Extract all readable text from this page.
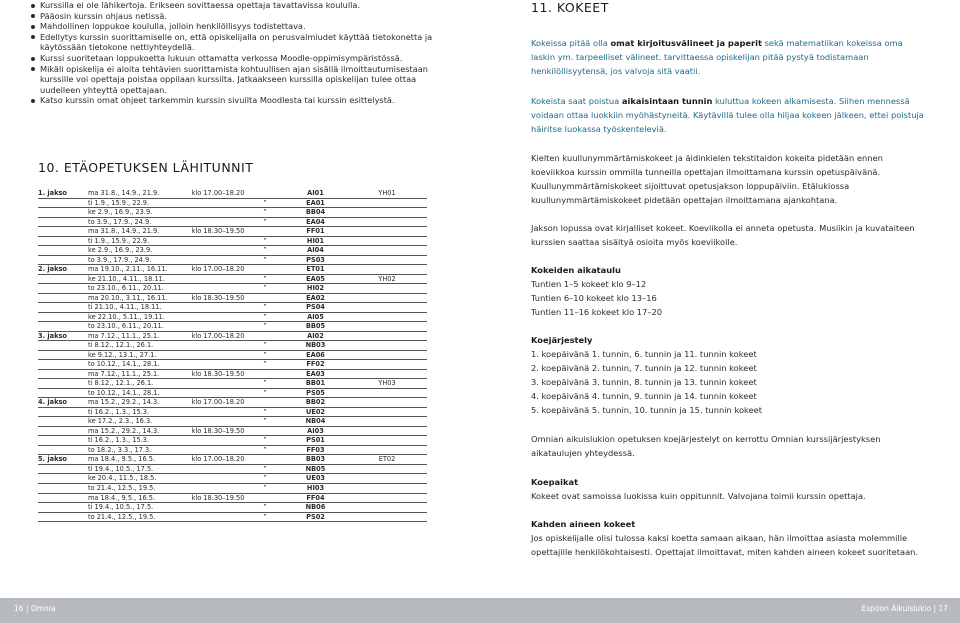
Kurssilla ei ole lähikertoja. Erikseen sovittaessa opettaja tavattavissa koululla.
Pääosin kurssin ohjaus netissä.
Mahdollinen loppukoe koululla, jolloin henkilöllisyys todistettava.
Edellytys kurssin suorittamiselle on, että opiskelijalla on perusvalmiudet käyttää tietokonetta ja käytössään tietokone nettiyhteydellä.
Kurssi suoritetaan loppukoetta lukuun ottamatta verkossa Moodle-oppimisympäristössä.
Mikäli opiskelija ei aloita tehtävien suorittamista kohtuullisen ajan sisällä ilmoittautumisestaan kurssille voi opettaja poistaa oppilaan kurssilta. Jatkaakseen kurssilla opiskelijan tulee ottaa uudelleen yhteyttä opettajaan.
Katso kurssin omat ohjeet tarkemmin kurssin sivuilta Moodlesta tai kurssin esittelystä.
10. ETÄOPETUKSEN LÄHITUNNIT
1. jakso	ma 31.8., 14.9., 21.9.	klo 17.00–18.20		AI01	YH01
	ti 1.9., 15.9., 22.9.		”	EA01	
	ke 2.9., 16.9., 23.9.		”	BB04	
	to 3.9., 17.9., 24.9.		”	EA04	
	ma 31.8., 14.9., 21.9.	klo 18.30–19.50		FF01	
	ti 1.9., 15.9., 22.9.		”	HI01	
	ke 2.9., 16.9., 23.9.		”	AI04	
	to 3.9., 17.9., 24.9.		”	PS03	
2. jakso	ma 19.10., 2.11., 16.11.	klo 17.00–18.20		ET01	
	ke 21.10., 4.11., 18.11.		”	EA05	YH02
	to 23.10., 6.11., 20.11.		”	HI02	
	ma 20.10., 3.11., 16.11.	klo 18.30–19.50		EA02	
	ti 21.10., 4.11., 18.11.		”	PS04	
	ke 22.10., 5.11., 19.11.		”	AI05	
	to 23.10., 6.11., 20.11.		”	BB05	
3. jakso	ma 7.12., 11.1., 25.1.	klo 17.00–18.20		AI02	
	ti 8.12., 12.1., 26.1.		”	NB03	
	ke 9.12., 13.1., 27.1.		”	EA06	
	to 10.12., 14.1., 28.1.		”	FF02	
	ma 7.12., 11.1., 25.1.	klo 18.30–19.50		EA03	
	ti 8.12., 12.1., 26.1.		”	BB01	YH03
	to 10.12., 14.1., 28.1.		”	PS05	
4. jakso	ma 15.2., 29.2., 14.3.	klo 17.00–18.20		BB02	
	ti 16.2., 1.3., 15.3.		”	UE02	
	ke 17.2., 2.3., 16.3.		”	NB04	
	ma 15.2., 29.2., 14.3.	klo 18.30–19.50		AI03	
	ti 16.2., 1.3., 15.3.		”	PS01	
	to 18.2., 3.3., 17.3.		”	FF03	
5. jakso	ma 18.4., 9.5., 16.5.	klo 17.00–18.20		BB03	ET02
	ti 19.4., 10.5., 17.5.		”	NB05	
	ke 20.4., 11.5., 18.5.		”	UE03	
	to 21.4., 12.5., 19.5.		”	HI03	
	ma 18.4., 9.5., 16.5.	klo 18.30–19.50		FF04	
	ti 19.4., 10.5., 17.5.		”	NB06	
	to 21.4., 12.5., 19.5.		”	PS02	
11. KOKEET

Kokeissa pitää olla omat kirjoitusvälineet ja paperit sekä matematiikan kokeissa oma laskin ym. tarpeelliset välineet. tarvittaessa opiskelijan pitää pystyä todistamaan henkilöllisyytensä, jos valvoja sitä vaatii.

Kokeista saat poistua aikaisintaan tunnin kuluttua kokeen alkamisesta. Siihen mennessä voidaan ottaa luokkiin myöhästyneitä. Käytävillä tulee olla hiljaa kokeen jälkeen, ettei poistuja häiritse luokassa työskenteleviä.

Kielten kuullunymmärtämiskokeet ja äidinkielen tekstitaidon kokeita pidetään ennen koeviikkoa kurssin ommilla tunneilla opettajan ilmoittamana kurssin opetuspäivänä. Kuullunymmärtämiskokeet sijoittuvat opetusjakson loppupäiviin. Etälukiossa kuullunymmärtämiskokeet pidetään opettajan ilmoittamana ajankohtana.

Jakson lopussa ovat kirjalliset kokeet. Koeviikolla ei anneta opetusta. Musiikin ja kuvataiteen kurssien saattaa sisältyä osioita myös koeviikolle.

Kokeiden aikataulu
Tuntien 1–5 kokeet klo 9–12
Tuntien 6–10 kokeet klo 13–16
Tuntien 11–16 kokeet klo 17–20
Koejärjestely
1. koepäivänä 1. tunnin, 6. tunnin ja 11. tunnin kokeet
2. koepäivänä 2. tunnin, 7. tunnin ja 12. tunnin kokeet
3. koepäivänä 3. tunnin, 8. tunnin ja 13. tunnin kokeet
4. koepäivänä 4. tunnin, 9. tunnin ja 14. tunnin kokeet
5. koepäivänä 5. tunnin, 10. tunnin ja 15. tunnin kokeet

Omnian aikuislukion opetuksen koejärjestelyt on kerrottu Omnian kurssijärjestyksen aikataulujen yhteydessä.

Koepaikat
Kokeet ovat samoissa luokissa kuin oppitunnit. Valvojana toimii kurssin opettaja.
Kahden aineen kokeet
Jos opiskelijalle olisi tulossa kaksi koetta samaan aikaan, hän ilmoittaa asiasta molemmille opettajille henkilökohtaisesti. Opettajat ilmoittavat, miten kahden aineen kokeet suoritetaan.
16 | Omnia	Espoon Aikuislukio | 17
